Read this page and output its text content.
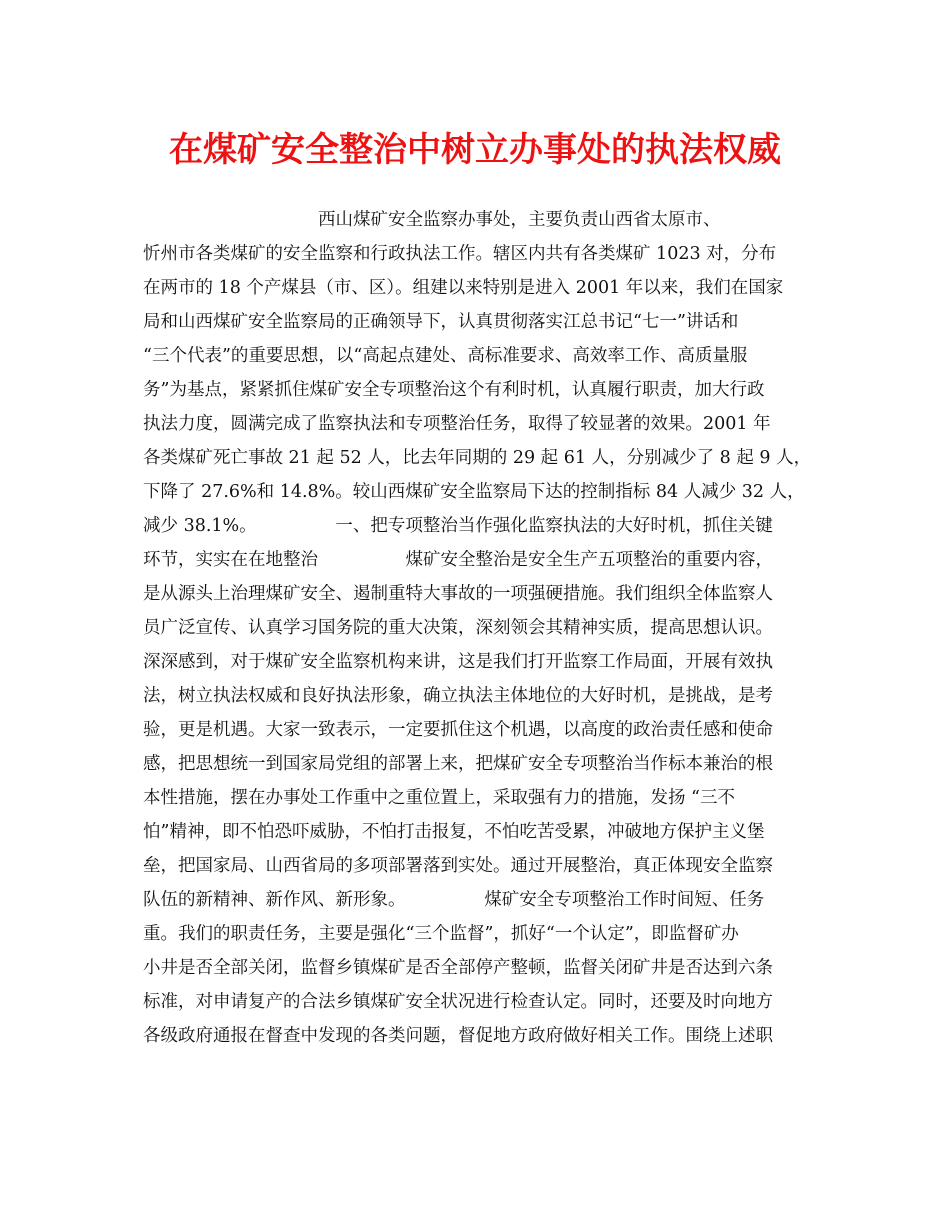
在煤矿安全整治中树立办事处的执法权威
　　　　　　　　　　西山煤矿安全监察办事处，主要负责山西省太原市、
忻州市各类煤矿的安全监察和行政执法工作。辖区内共有各类煤矿 1023 对，分布
在两市的 18 个产煤县（市、区）。组建以来特别是进入 2001 年以来，我们在国家
局和山西煤矿安全监察局的正确领导下，认真贯彻落实江总书记“七一”讲话和
“三个代表”的重要思想，以“高起点建处、高标准要求、高效率工作、高质量服
务”为基点，紧紧抓住煤矿安全专项整治这个有利时机，认真履行职责，加大行政
执法力度，圆满完成了监察执法和专项整治任务，取得了较显著的效果。2001 年
各类煤矿死亡事故 21 起 52 人，比去年同期的 29 起 61 人，分别减少了 8 起 9 人，
下降了 27.6%和 14.8%。较山西煤矿安全监察局下达的控制指标 84 人减少 32 人，
减少 38.1%。　　　　　一、把专项整治当作强化监察执法的大好时机，抓住关键
环节，实实在在地整治　　　　　煤矿安全整治是安全生产五项整治的重要内容，
是从源头上治理煤矿安全、遏制重特大事故的一项强硬措施。我们组织全体监察人
员广泛宣传、认真学习国务院的重大决策，深刻领会其精神实质，提高思想认识。
深深感到，对于煤矿安全监察机构来讲，这是我们打开监察工作局面，开展有效执
法，树立执法权威和良好执法形象，确立执法主体地位的大好时机，是挑战，是考
验，更是机遇。大家一致表示，一定要抓住这个机遇，以高度的政治责任感和使命
感，把思想统一到国家局党组的部署上来，把煤矿安全专项整治当作标本兼治的根
本性措施，摆在办事处工作重中之重位置上，采取强有力的措施，发扬 “三不
怕”精神，即不怕恐吓威胁，不怕打击报复，不怕吃苦受累，冲破地方保护主义堡
垒，把国家局、山西省局的多项部署落到实处。通过开展整治，真正体现安全监察
队伍的新精神、新作风、新形象。　　　　　煤矿安全专项整治工作时间短、任务
重。我们的职责任务，主要是强化“三个监督”，抓好“一个认定”，即监督矿办
小井是否全部关闭，监督乡镇煤矿是否全部停产整顿，监督关闭矿井是否达到六条
标准，对申请复产的合法乡镇煤矿安全状况进行检查认定。同时，还要及时向地方
各级政府通报在督查中发现的各类问题，督促地方政府做好相关工作。围绕上述职
